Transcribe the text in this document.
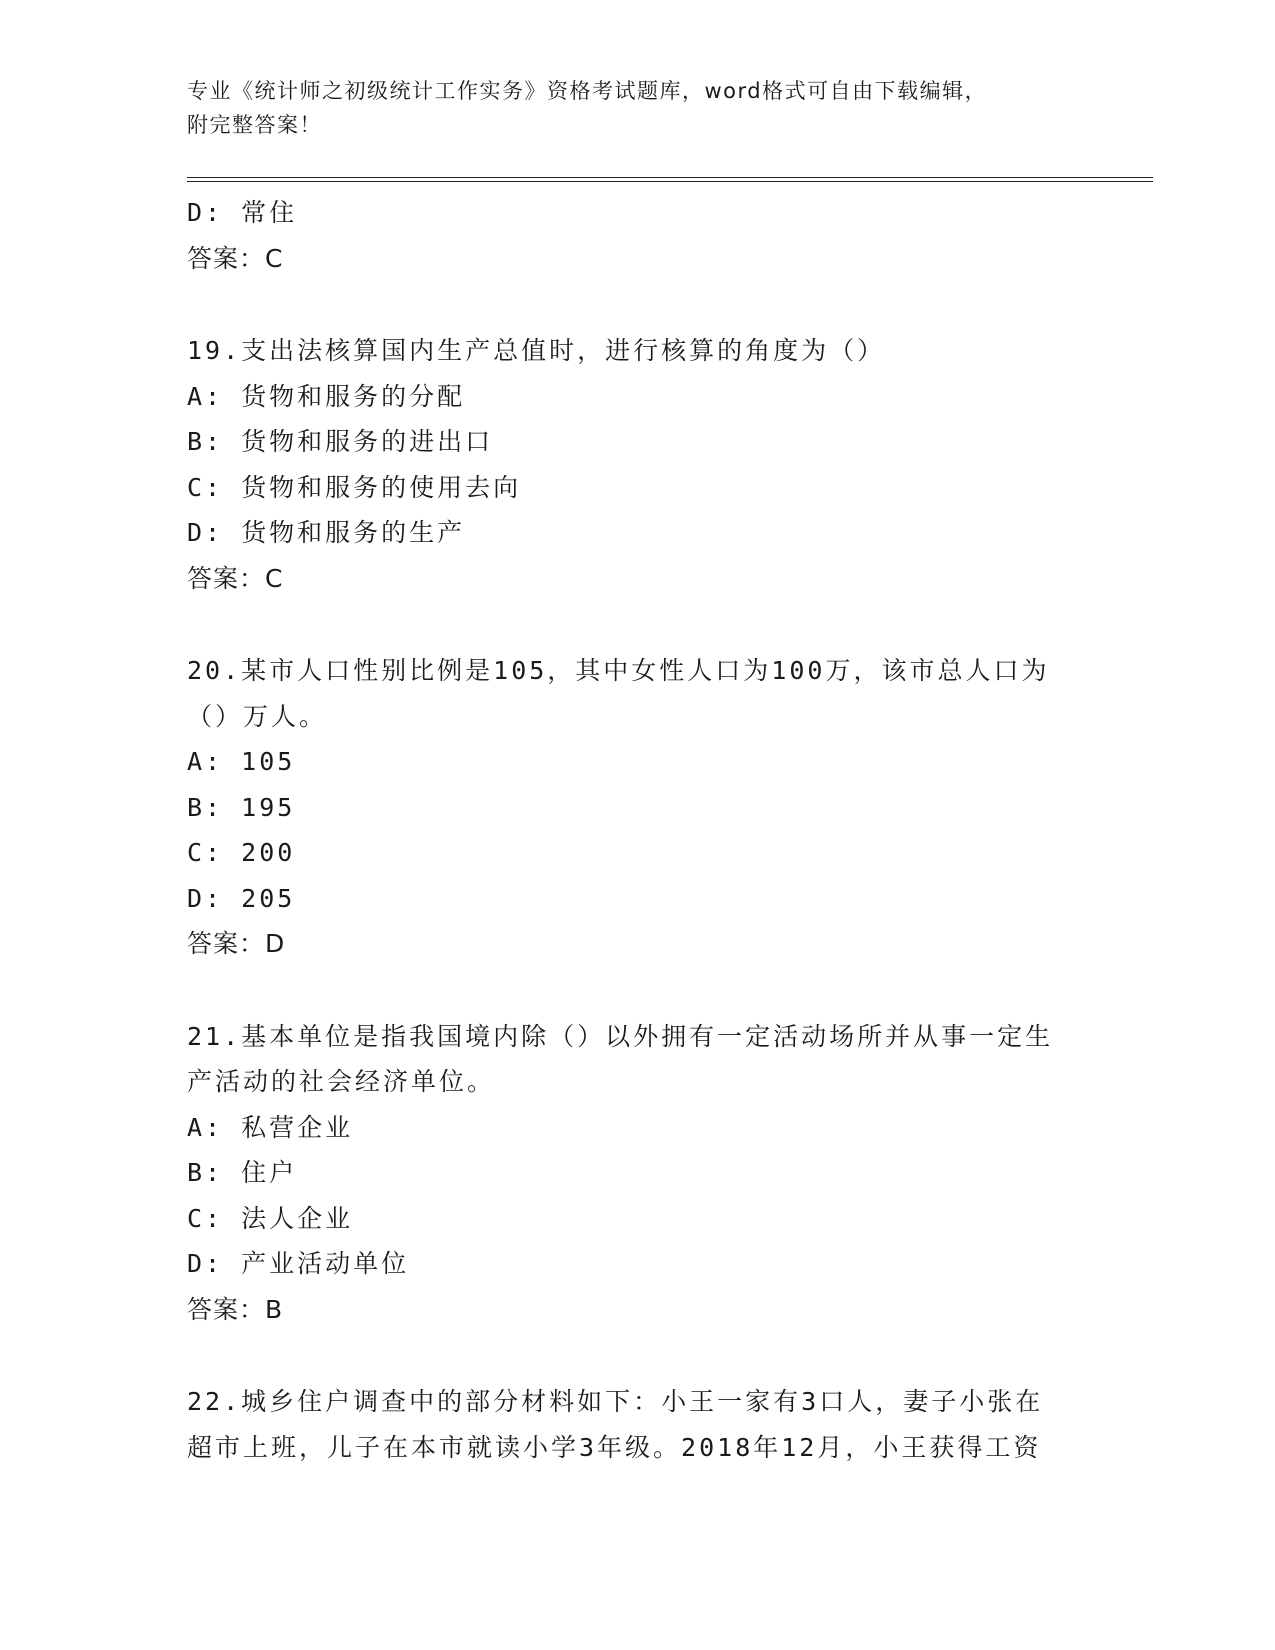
专业《统计师之初级统计工作实务》资格考试题库，word格式可自由下载编辑，
附完整答案！
D: 常住
答案：C
19.支出法核算国内生产总值时，进行核算的角度为（）
A: 货物和服务的分配
B: 货物和服务的进出口
C: 货物和服务的使用去向
D: 货物和服务的生产
答案：C
20.某市人口性别比例是105，其中女性人口为100万，该市总人口为
（）万人。
A: 105
B: 195
C: 200
D: 205
答案：D
21.基本单位是指我国境内除（）以外拥有一定活动场所并从事一定生
产活动的社会经济单位。
A: 私营企业
B: 住户
C: 法人企业
D: 产业活动单位
答案：B
22.城乡住户调查中的部分材料如下：小王一家有3口人，妻子小张在
超市上班，儿子在本市就读小学3年级。2018年12月，小王获得工资
